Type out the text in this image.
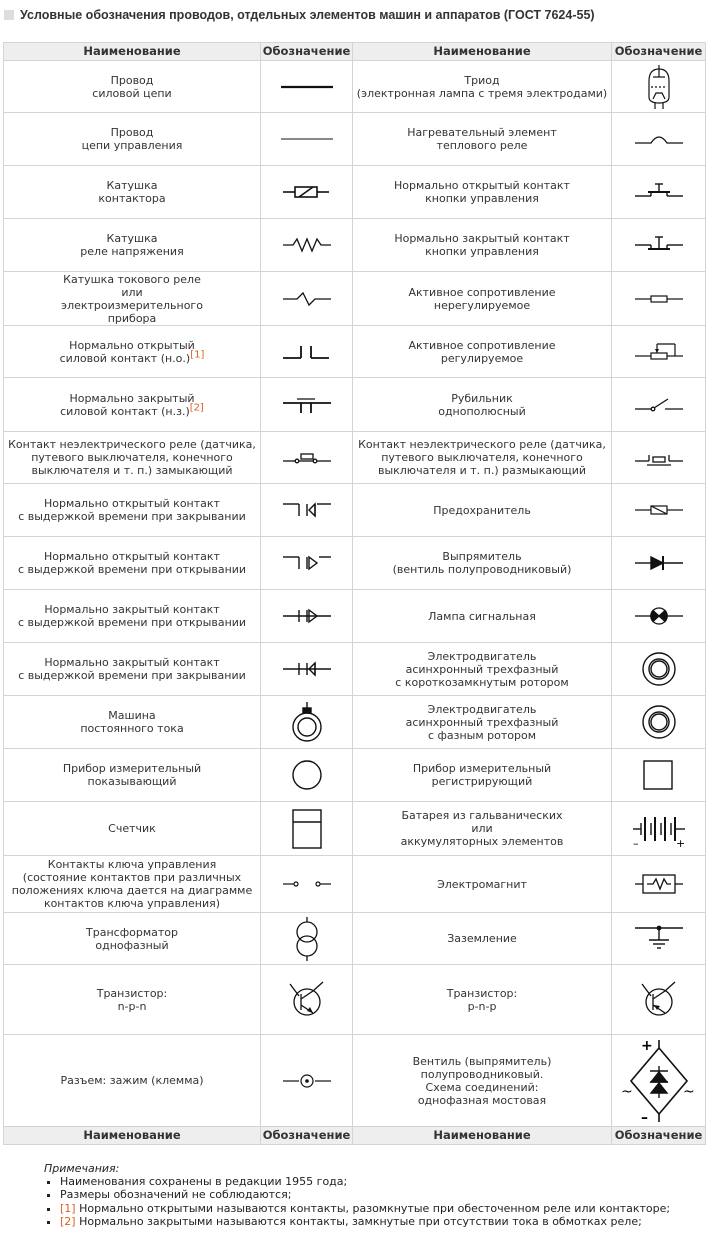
Условные обозначения проводов, отдельных элементов машин и аппаратов (ГОСТ 7624-55)
Наименование	Обозначение	Наименование	Обозначение
Провод
силовой цепи		Триод
(электронная лампа с тремя электродами)	

Провод
цепи управления		Нагревательный элемент
теплового реле	

Катушка
контактора		Нормально открытый контакт
кнопки управления	

Катушка
реле напряжения		Нормально закрытый контакт
кнопки управления	

Катушка токового реле
или
электроизмерительного
прибора		Активное сопротивление
нерегулируемое	

Нормально открытый
силовой контакт (н.о.)[1]		Активное сопротивление
регулируемое	

Нормально закрытый
силовой контакт (н.з.)[2]		Рубильник
однополюсный	

Контакт неэлектрического реле (датчика,
путевого выключателя, конечного
выключателя и т. п.) замыкающий		Контакт неэлектрического реле (датчика,
путевого выключателя, конечного
выключателя и т. п.) размыкающий	

Нормально открытый контакт
с выдержкой времени при закрывании		Предохранитель	

Нормально открытый контакт
с выдержкой времени при открывании		Выпрямитель
(вентиль полупроводниковый)	

Нормально закрытый контакт
с выдержкой времени при открывании		Лампа сигнальная	

Нормально закрытый контакт
с выдержкой времени при закрывании		Электродвигатель
асинхронный трехфазный
с короткозамкнутым ротором	

Машина
постоянного тока		Электродвигатель
асинхронный трехфазный
с фазным ротором	

Прибор измерительный
показывающий		Прибор измерительный
регистрирующий	

Счетчик		Батарея из гальванических
или
аккумуляторных элементов	– +

Контакты ключа управления
(состояние контактов при различных
положениях ключа дается на диаграмме
контактов ключа управления)		Электромагнит	

Трансформатор
однофазный		Заземление	

Транзистор:
n-p-n		Транзистор:
p-n-p	

Разъем: зажим (клемма)		Вентиль (выпрямитель)
полупроводниковый.
Схема соединений:
однофазная мостовая	+
–
~ ~

Наименование	Обозначение	Наименование	Обозначение
Примечания:
▪ Наименования сохранены в редакции 1955 года;
▪ Размеры обозначений не соблюдаются;
▪ [1] Нормально открытыми называются контакты, разомкнутые при обесточенном реле или контакторе;
▪ [2] Нормально закрытыми называются контакты, замкнутые при отсутствии тока в обмотках реле;
